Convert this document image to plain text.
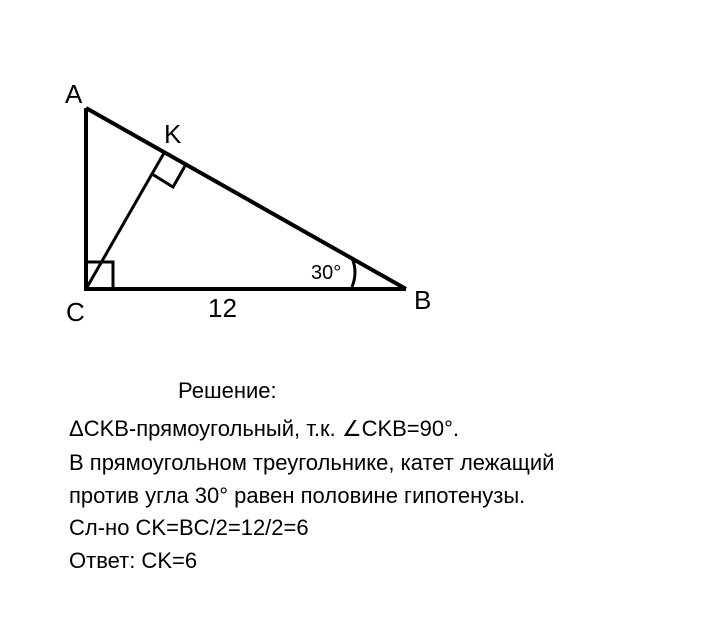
A
K
C	B
12
30°
Решение:
ΔCKB-прямоугольный, т.к. ∠CKB=90°.
В прямоугольном треугольнике, катет лежащий
против угла 30° равен половине гипотенузы.
Сл-но CK=BC/2=12/2=6
Ответ: CK=6
